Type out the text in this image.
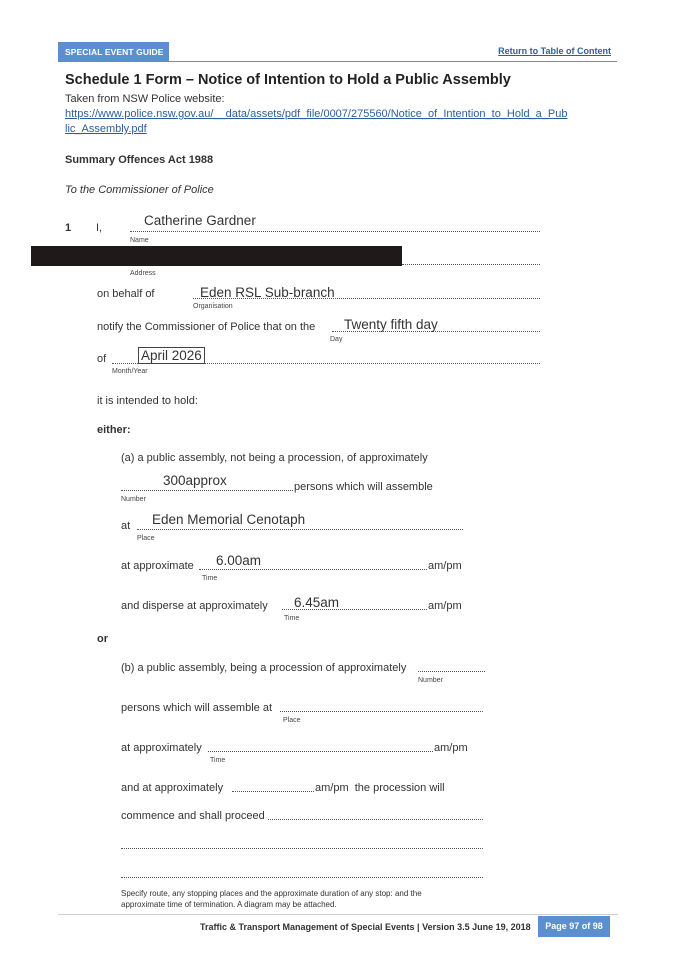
SPECIAL EVENT GUIDE	Return to Table of Content
Schedule 1 Form – Notice of Intention to Hold a Public Assembly
Taken from NSW Police website:
https://www.police.nsw.gov.au/__data/assets/pdf_file/0007/275560/Notice_of_Intention_to_Hold_a_Pub
lic_Assembly.pdf
Summary Offences Act 1988
To the Commissioner of Police
1 I,	Catherine Gardner
Name
Address
on behalf of	Eden RSL Sub-branch
Organisation
notify the Commissioner of Police that on the Twenty fifth day
Day
of	April 2026
Month/Year
it is intended to hold:
either:
(a) a public assembly, not being a procession, of approximately
300approx	persons which will assemble
Number
at Eden Memorial Cenotaph
Place
at approximate 6.00am	am/pm
Time
and disperse at approximately 6.45am	am/pm
Time
or
(b) a public assembly, being a procession of approximately
Number
persons which will assemble at
Place
at approximately	am/pm
Time
and at approximately	am/pm  the procession will
commence and shall proceed
Specify route, any stopping places and the approximate duration of any stop: and the
approximate time of termination. A diagram may be attached.
Traffic & Transport Management of Special Events | Version 3.5 June 19, 2018	Page 97 of 98
